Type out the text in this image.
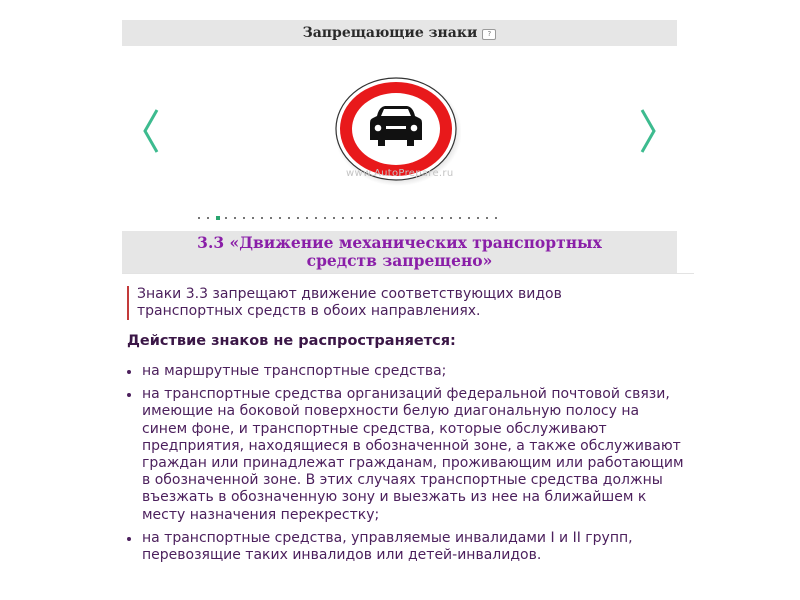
Запрещающие знаки	?
www.AutoPrepare.ru
3.3 «Движение механических транспортных средств запрещено»
Знаки 3.3 запрещают движение соответствующих видов транспортных средств в обоих направлениях.
Действие знаков не распространяется:
на маршрутные транспортные средства;
на транспортные средства организаций федеральной почтовой связи, имеющие на боковой поверхности белую диагональную полосу на синем фоне, и транспортные средства, которые обслуживают предприятия, находящиеся в обозначенной зоне, а также обслуживают граждан или принадлежат гражданам, проживающим или работающим в обозначенной зоне. В этих случаях транспортные средства должны въезжать в обозначенную зону и выезжать из нее на ближайшем к месту назначения перекрестку;
на транспортные средства, управляемые инвалидами I и II групп, перевозящие таких инвалидов или детей-инвалидов.
